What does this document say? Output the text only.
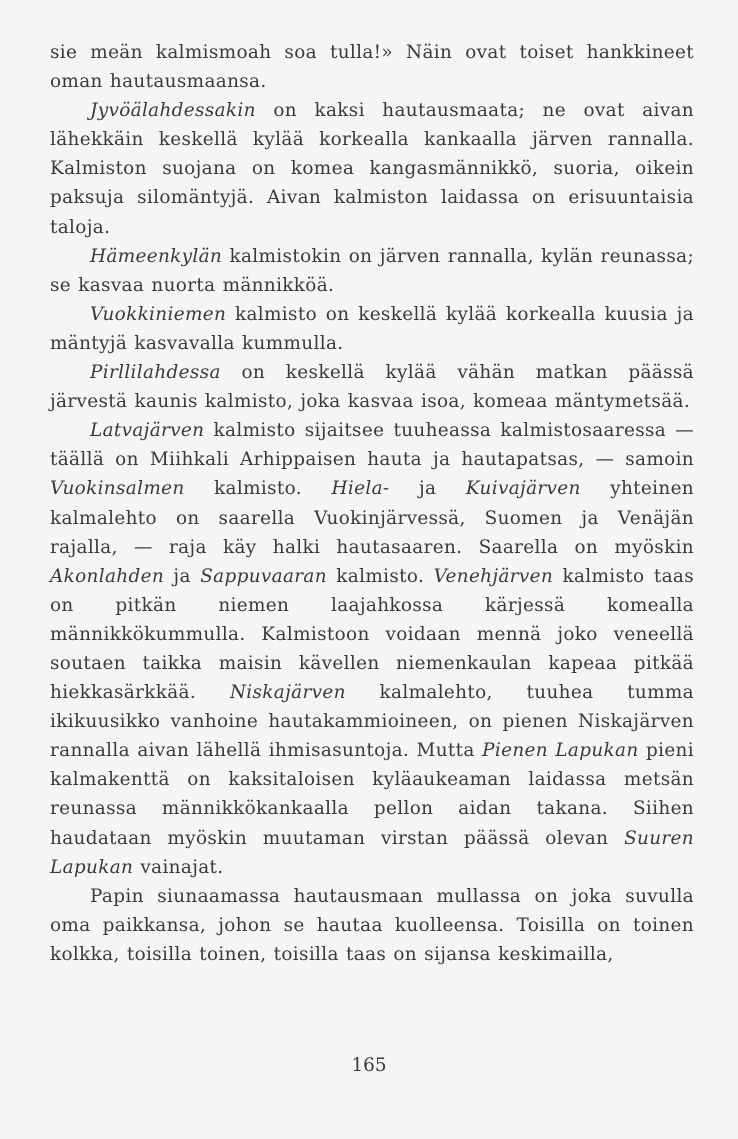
sie meän kalmismoah soa tulla!» Näin ovat toiset hankkineet oman hautausmaansa.

Jyvöälahdessakin on kaksi hautausmaata; ne ovat aivan lähekkäin keskellä kylää korkealla kankaalla järven rannalla. Kalmiston suojana on komea kangasmännikkö, suoria, oikein paksuja silomäntyjä. Aivan kalmiston laidassa on erisuuntaisia taloja.

Hämeenkylän kalmistokin on järven rannalla, kylän reunassa; se kasvaa nuorta männikköä.

Vuokkiniemen kalmisto on keskellä kylää korkealla kuusia ja mäntyjä kasvavalla kummulla.

Pirllilahdessa on keskellä kylää vähän matkan päässä järvestä kaunis kalmisto, joka kasvaa isoa, komeaa mäntymetsää.

Latvajärven kalmisto sijaitsee tuuheassa kalmistosaaressa — täällä on Miihkali Arhippaisen hauta ja hautapatsas, — samoin Vuokinsalmen kalmisto. Hiela- ja Kuivajärven yhteinen kalmalehto on saarella Vuokinjärvessä, Suomen ja Venäjän rajalla, — raja käy halki hautasaaren. Saarella on myöskin Akonlahden ja Sappuvaaran kalmisto. Venehjärven kalmisto taas on pitkän niemen laajahkossa kärjessä komealla männikkökummulla. Kalmistoon voidaan mennä joko veneellä soutaen taikka maisin kävellen niemenkaulan kapeaa pitkää hiekkasärkkää. Niskajärven kalmalehto, tuuhea tumma ikikuusikko vanhoine hautakammioineen, on pienen Niskajärven rannalla aivan lähellä ihmisasuntoja. Mutta Pienen Lapukan pieni kalmakenttä on kaksitaloisen kyläaukeaman laidassa metsän reunassa männikkökankaalla pellon aidan takana. Siihen haudataan myöskin muutaman virstan päässä olevan Suuren Lapukan vainajat.

Papin siunaamassa hautausmaan mullassa on joka suvulla oma paikkansa, johon se hautaa kuolleensa. Toisilla on toinen kolkka, toisilla toinen, toisilla taas on sijansa keskimailla,

165
